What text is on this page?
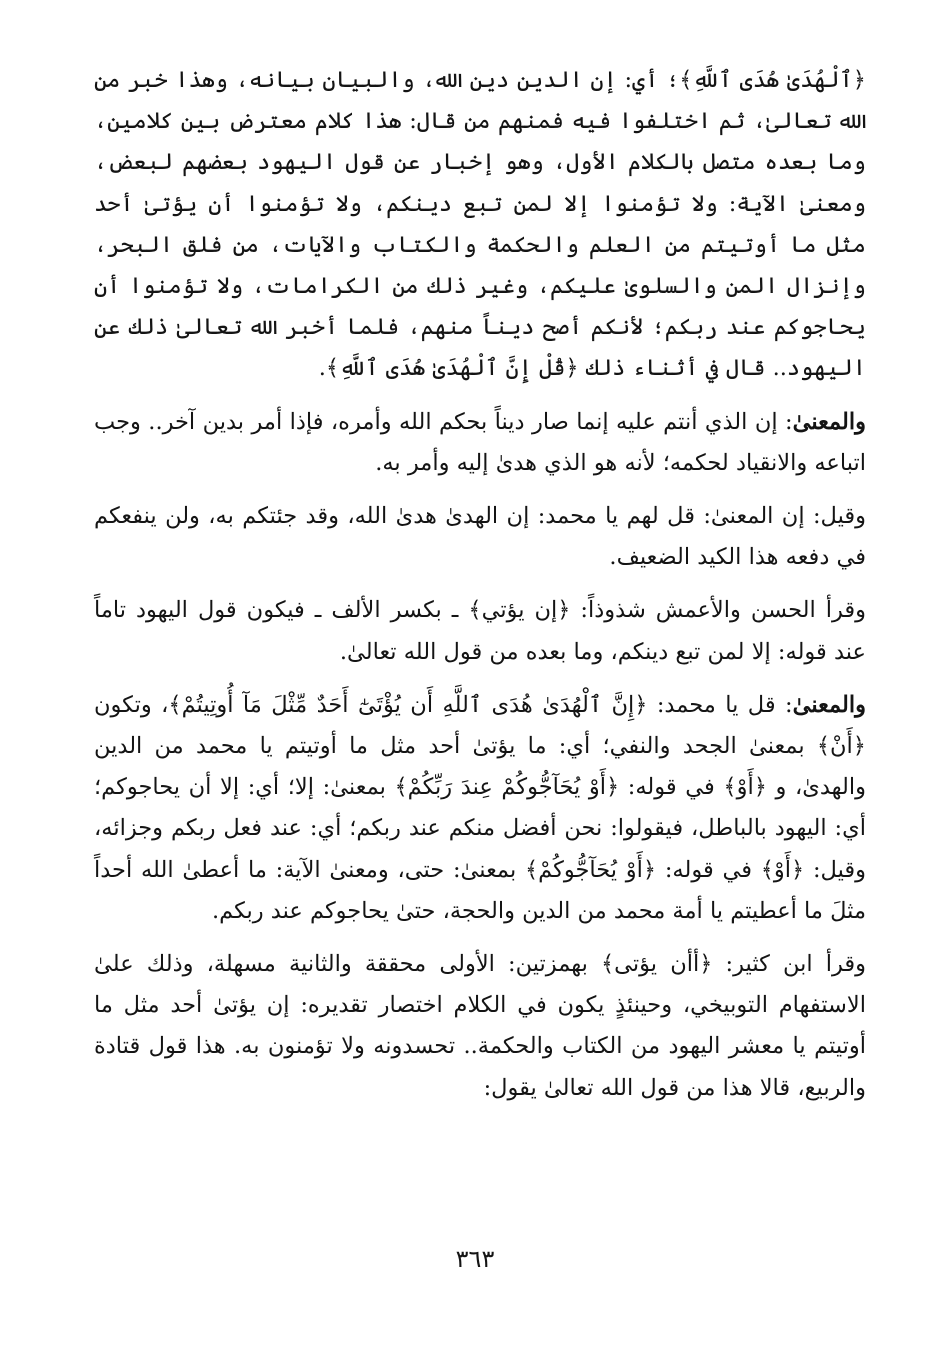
﴿ٱلْهُدَىٰ هُدَى ٱللَّهِ﴾؛ أي: إن الدين دين الله، والبيان بيانه، وهذا خبر من الله تعالىٰ، ثم اختلفوا فيه فمنهم من قال: هذا كلام معترض بين كلامين، وما بعده متصل بالكلام الأول، وهو إخبار عن قول اليهود بعضهم لبعض، ومعنىٰ الآية: ولا تؤمنوا إلا لمن تبع دينكم، ولا تؤمنوا أن يؤتىٰ أحد مثل ما أوتيتم من العلم والحكمة والكتاب والآيات، من فلق البحر، وإنزال المن والسلوىٰ عليكم، وغير ذلك من الكرامات، ولا تؤمنوا أن يحاجوكم عند ربكم؛ لأنكم أصح ديناً منهم، فلما أخبر الله تعالىٰ ذلك عن اليهود.. قال في أثناء ذلك ﴿قُلْ إِنَّ ٱلْهُدَىٰ هُدَى ٱللَّهِ﴾.

والمعنىٰ: إن الذي أنتم عليه إنما صار ديناً بحكم الله وأمره، فإذا أمر بدين آخر.. وجب اتباعه والانقياد لحكمه؛ لأنه هو الذي هدىٰ إليه وأمر به.

وقيل: إن المعنىٰ: قل لهم يا محمد: إن الهدىٰ هدىٰ الله، وقد جئتكم به، ولن ينفعكم في دفعه هذا الكيد الضعيف.

وقرأ الحسن والأعمش شذوذاً: ﴿إن يؤتي﴾ ـ بكسر الألف ـ فيكون قول اليهود تاماً عند قوله: إلا لمن تبع دينكم، وما بعده من قول الله تعالىٰ.

والمعنىٰ: قل يا محمد: ﴿إِنَّ ٱلْهُدَىٰ هُدَى ٱللَّهِ أَن يُؤْتَىٰٓ أَحَدٌ مِّثْلَ مَآ أُوتِيتُمْ﴾، وتكون ﴿أَنْ﴾ بمعنىٰ الجحد والنفي؛ أي: ما يؤتىٰ أحد مثل ما أوتيتم يا محمد من الدين والهدىٰ، و ﴿أَوْ﴾ في قوله: ﴿أَوْ يُحَآجُّوكُمْ عِندَ رَبِّكُمْ﴾ بمعنىٰ: إلا؛ أي: إلا أن يحاجوكم؛ أي: اليهود بالباطل، فيقولوا: نحن أفضل منكم عند ربكم؛ أي: عند فعل ربكم وجزائه، وقيل: ﴿أَوْ﴾ في قوله: ﴿أَوْ يُحَآجُّوكُمْ﴾ بمعنىٰ: حتى، ومعنىٰ الآية: ما أعطىٰ الله أحداً مثلَ ما أعطيتم يا أمة محمد من الدين والحجة، حتىٰ يحاجوكم عند ربكم.

وقرأ ابن كثير: ﴿أأن يؤتى﴾ بهمزتين: الأولى محققة والثانية مسهلة، وذلك علىٰ الاستفهام التوبيخي، وحينئذٍ يكون في الكلام اختصار تقديره: إن يؤتىٰ أحد مثل ما أوتيتم يا معشر اليهود من الكتاب والحكمة.. تحسدونه ولا تؤمنون به. هذا قول قتادة والربيع، قالا هذا من قول الله تعالىٰ يقول:

٣٦٣
